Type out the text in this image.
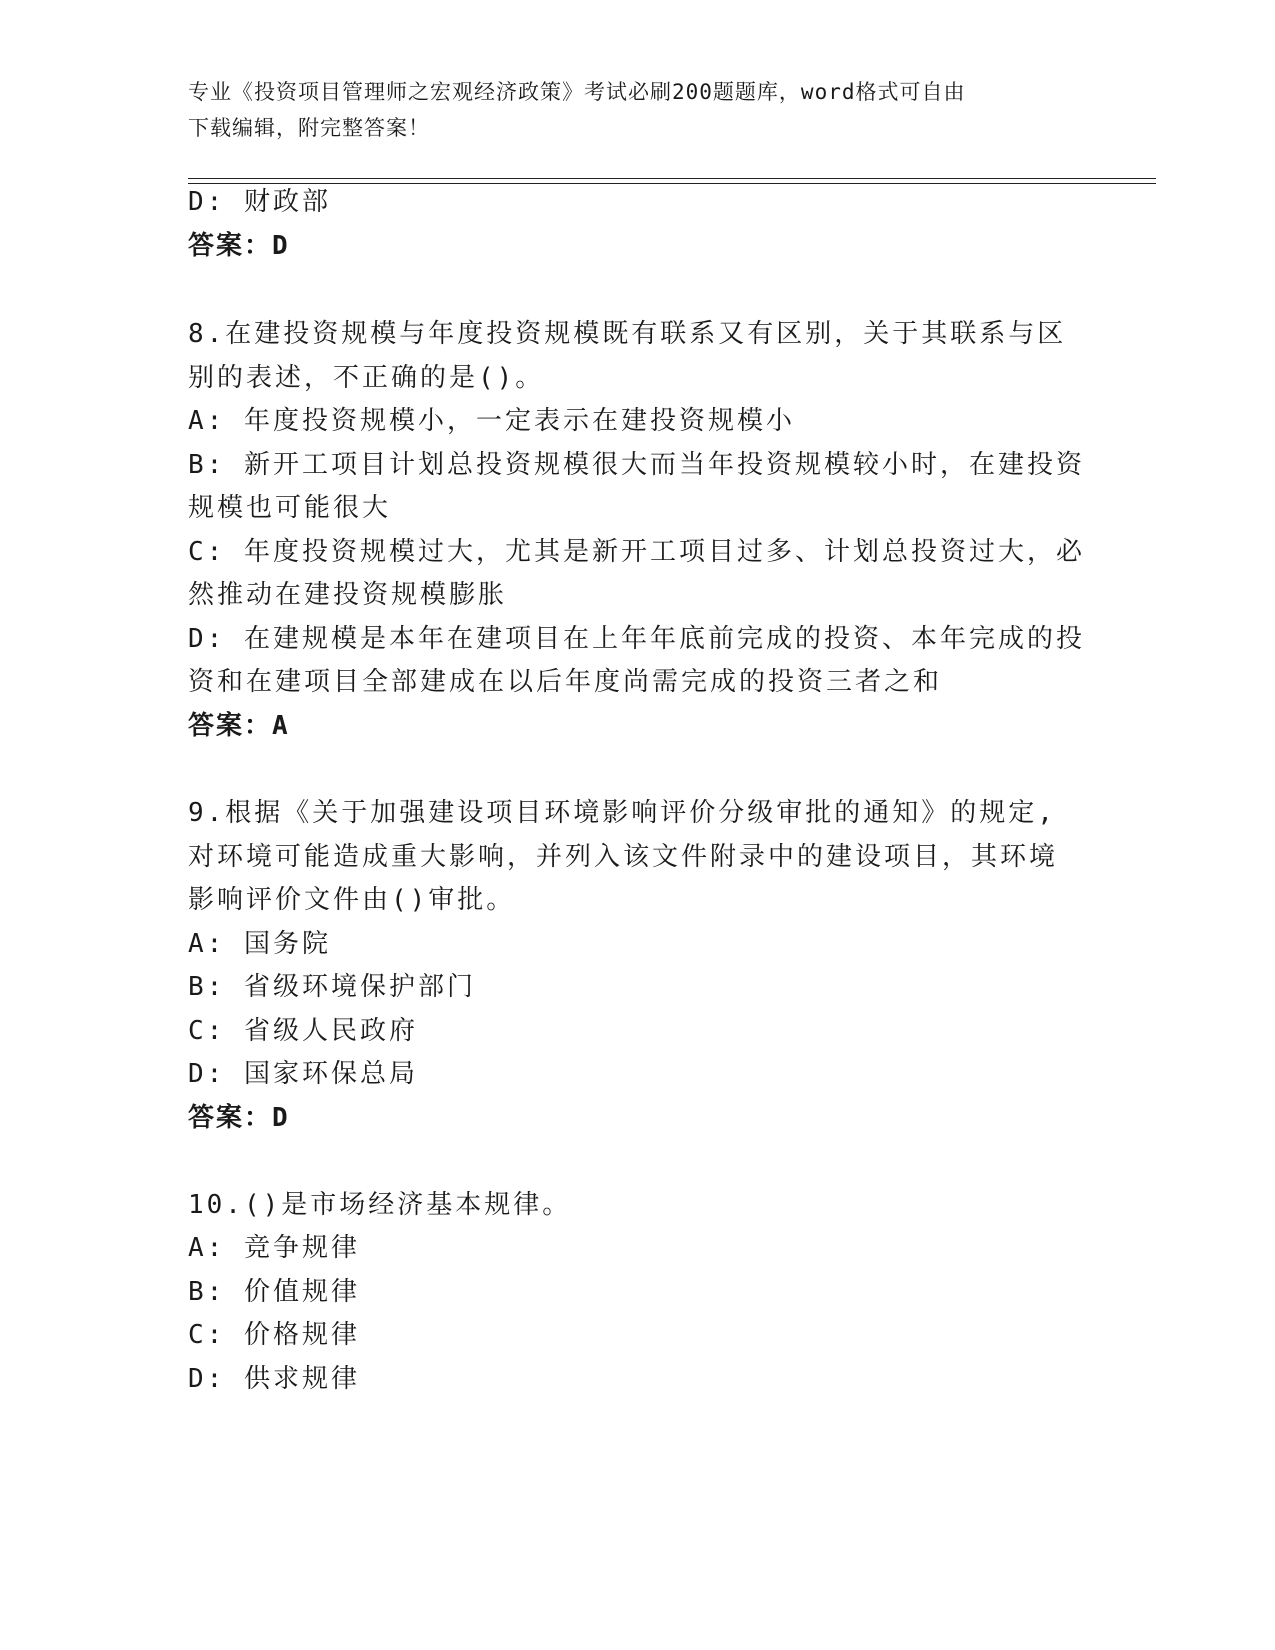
专业《投资项目管理师之宏观经济政策》考试必刷200题题库，word格式可自由
下载编辑，附完整答案！
D: 财政部
答案：D
8.在建投资规模与年度投资规模既有联系又有区别，关于其联系与区
别的表述，不正确的是()。
A: 年度投资规模小，一定表示在建投资规模小
B: 新开工项目计划总投资规模很大而当年投资规模较小时，在建投资
规模也可能很大
C: 年度投资规模过大，尤其是新开工项目过多、计划总投资过大，必
然推动在建投资规模膨胀
D: 在建规模是本年在建项目在上年年底前完成的投资、本年完成的投
资和在建项目全部建成在以后年度尚需完成的投资三者之和
答案：A
9.根据《关于加强建设项目环境影响评价分级审批的通知》的规定,
对环境可能造成重大影响，并列入该文件附录中的建设项目，其环境
影响评价文件由()审批。
A: 国务院
B: 省级环境保护部门
C: 省级人民政府
D: 国家环保总局
答案：D
10.()是市场经济基本规律。
A: 竞争规律
B: 价值规律
C: 价格规律
D: 供求规律
